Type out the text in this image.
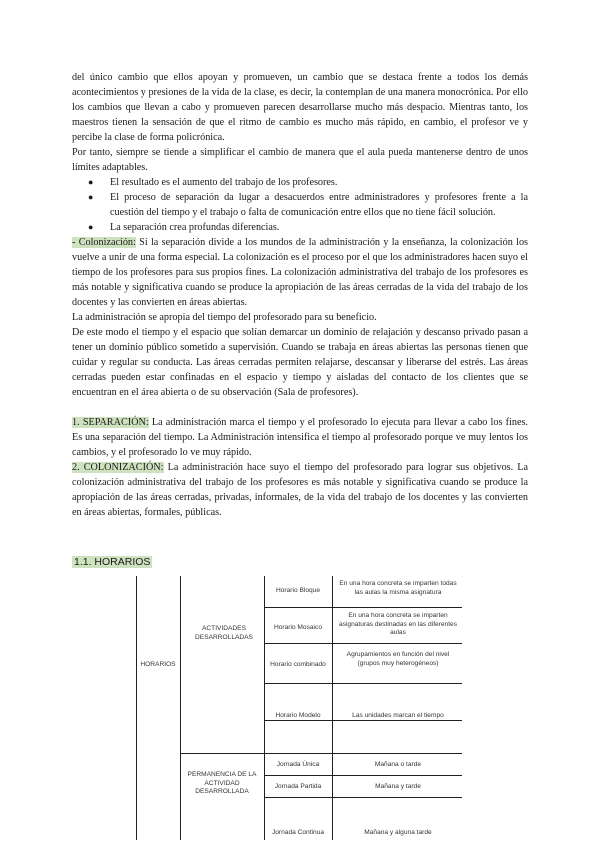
del único cambio que ellos apoyan y promueven, un cambio que se destaca frente a todos los demás acontecimientos y presiones de la vida de la clase, es decir, la contemplan de una manera monocrónica. Por ello los cambios que llevan a cabo y promueven parecen desarrollarse mucho más despacio. Mientras tanto, los maestros tienen la sensación de que el ritmo de cambio es mucho más rápido, en cambio, el profesor ve y percibe la clase de forma policrónica.

Por tanto, siempre se tiende a simplificar el cambio de manera que el aula pueda mantenerse dentro de unos límites adaptables.

● El resultado es el aumento del trabajo de los profesores.
● El proceso de separación da lugar a desacuerdos entre administradores y profesores frente a la cuestión del tiempo y el trabajo o falta de comunicación entre ellos que no tiene fácil solución.
● La separación crea profundas diferencias.

- Colonización: Si la separación divide a los mundos de la administración y la enseñanza, la colonización los vuelve a unir de una forma especial. La colonización es el proceso por el que los administradores hacen suyo el tiempo de los profesores para sus propios fines. La colonización administrativa del trabajo de los profesores es más notable y significativa cuando se produce la apropiación de las áreas cerradas de la vida del trabajo de los docentes y las convierten en áreas abiertas.

La administración se apropia del tiempo del profesorado para su beneficio.

De este modo el tiempo y el espacio que solían demarcar un dominio de relajación y descanso privado pasan a tener un dominio público sometido a supervisión. Cuando se trabaja en áreas abiertas las personas tienen que cuidar y regular su conducta. Las áreas cerradas permiten relajarse, descansar y liberarse del estrés. Las áreas cerradas pueden estar confinadas en el espacio y tiempo y aisladas del contacto de los clientes que se encuentran en el área abierta o de su observación (Sala de profesores).

1. SEPARACIÓN: La administración marca el tiempo y el profesorado lo ejecuta para llevar a cabo los fines. Es una separación del tiempo. La Administración intensifica el tiempo al profesorado porque ve muy lentos los cambios, y el profesorado lo ve muy rápido.

2. COLONIZACIÓN: La administración hace suyo el tiempo del profesorado para lograr sus objetivos. La colonización administrativa del trabajo de los profesores es más notable y significativa cuando se produce la apropiación de las áreas cerradas, privadas, informales, de la vida del trabajo de los docentes y las convierten en áreas abiertas, formales, públicas.

1.1. HORARIOS
HORARIOS
ACTIVIDADES DESARROLLADAS
PERMANENCIA DE LA ACTIVIDAD DESARROLLADA
Horario Bloque
Horario Mosaico
Horario combinado
Horario Modelo
Jornada Única
Jornada Partida
Jornada Continua
En una hora concreta se imparten todas las aulas la misma asignatura
En una hora concreta se imparten asignaturas destinadas en las diferentes aulas
Agrupamientos en función del nivel (grupos muy heterogéneos)
Las unidades marcan el tiempo
Mañana o tarde
Mañana y tarde
Mañana y alguna tarde
